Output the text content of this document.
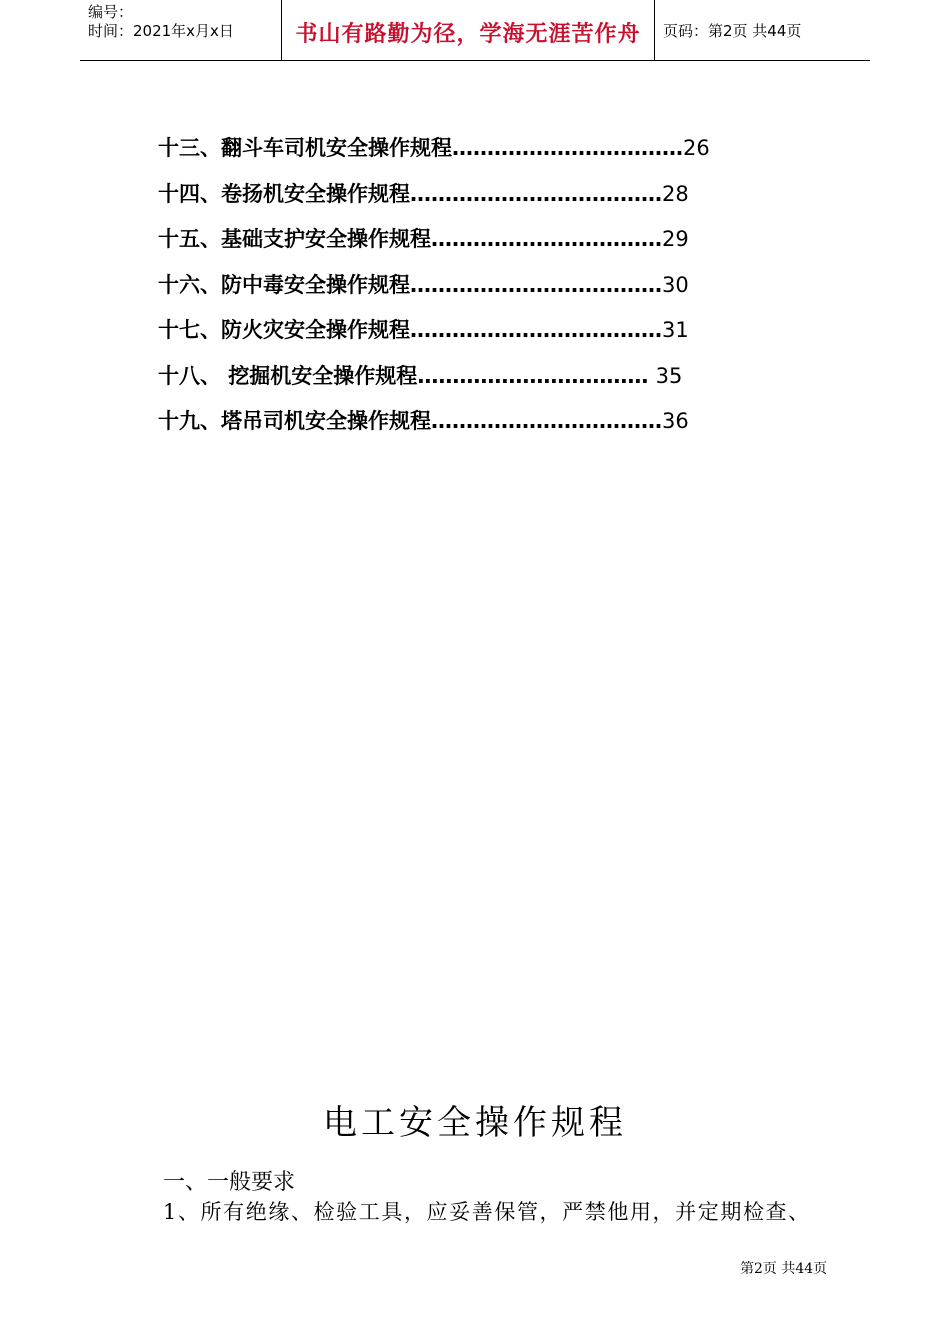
编号：
时间：2021年x月x日	书山有路勤为径，学海无涯苦作舟	页码：第2页 共44页
十三、翻斗车司机安全操作规程……………………………26
十四、卷扬机安全操作规程………………………………28
十五、基础支护安全操作规程……………………………29
十六、防中毒安全操作规程………………………………30
十七、防火灾安全操作规程………………………………31
十八、 挖掘机安全操作规程…………………………… 35
十九、塔吊司机安全操作规程……………………………36
电工安全操作规程
一、一般要求
1、所有绝缘、检验工具，应妥善保管，严禁他用，并定期检查、
第2页 共44页
